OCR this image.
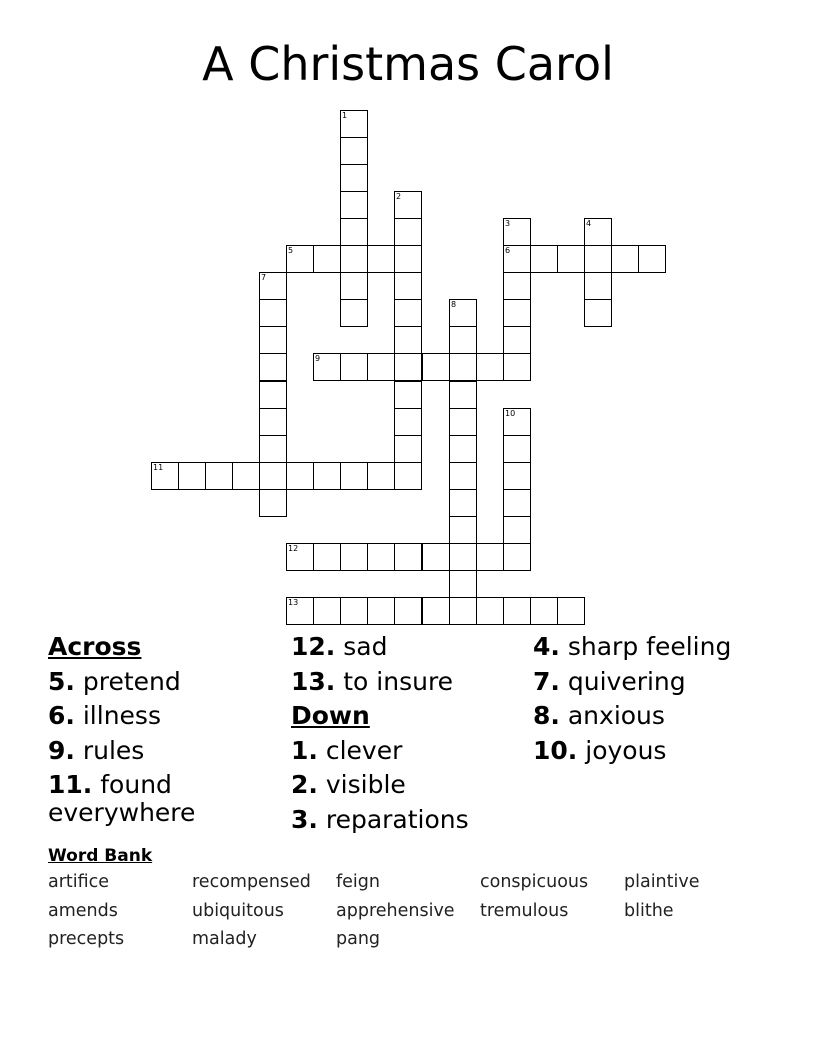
A Christmas Carol
1
2
3
6
4
5
7
8
9
10
11
12
13
Across
5. pretend
6. illness
9. rules
11. found everywhere
12. sad
13. to insure
Down
1. clever
2. visible
3. reparations
4. sharp feeling
7. quivering
8. anxious
10. joyous
Word Bank
artifice	recompensed	feign	conspicuous	plaintive
amends	ubiquitous	apprehensive	tremulous	blithe
precepts	malady	pang
